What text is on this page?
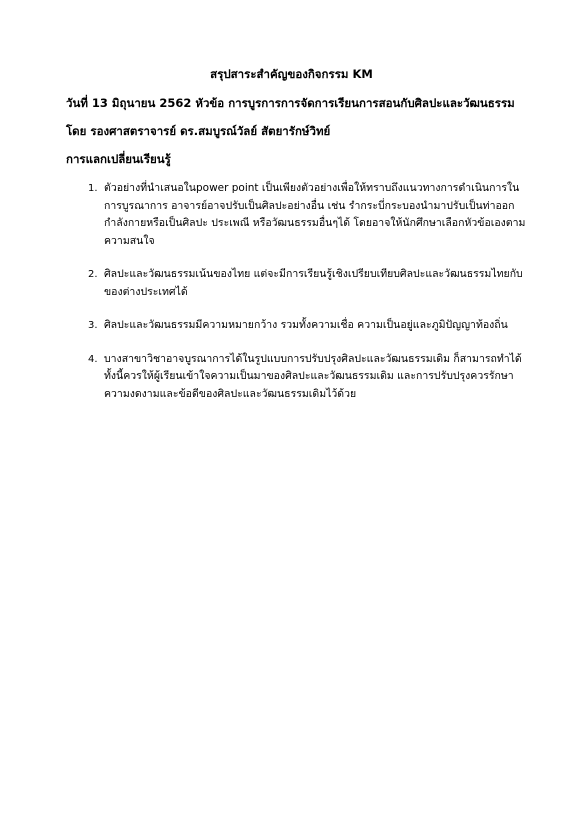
สรุปสาระสำคัญของกิจกรรม KM
วันที่ 13 มิถุนายน 2562 หัวข้อ การบูรการการจัดการเรียนการสอนกับศิลปะและวัฒนธรรม
โดย รองศาสตราจารย์ ดร.สมบูรณ์วัลย์ สัตยารักษ์วิทย์
การแลกเปลี่ยนเรียนรู้
1. ตัวอย่างที่นำเสนอในpower point เป็นเพียงตัวอย่างเพื่อให้ทราบถึงแนวทางการดำเนินการในการบูรณาการ อาจารย์อาจปรับเป็นศิลปะอย่างอื่น เช่น รำกระบี่กระบองนำมาปรับเป็นท่าออกกำลังกายหรือเป็นศิลปะ ประเพณี หรือวัฒนธรรมอื่นๆได้ โดยอาจให้นักศึกษาเลือกหัวข้อเองตามความสนใจ
2. ศิลปะและวัฒนธรรมเน้นของไทย แต่จะมีการเรียนรู้เชิงเปรียบเทียบศิลปะและวัฒนธรรมไทยกับของต่างประเทศได้
3. ศิลปะและวัฒนธรรมมีความหมายกว้าง รวมทั้งความเชื่อ ความเป็นอยู่และภูมิปัญญาท้องถิ่น
4. บางสาขาวิชาอาจบูรณาการได้ในรูปแบบการปรับปรุงศิลปะและวัฒนธรรมเดิม ก็สามารถทำได้ ทั้งนี้ควรให้ผู้เรียนเข้าใจความเป็นมาของศิลปะและวัฒนธรรมเดิม และการปรับปรุงควรรักษาความงดงามและข้อดีของศิลปะและวัฒนธรรมเดิมไว้ด้วย
